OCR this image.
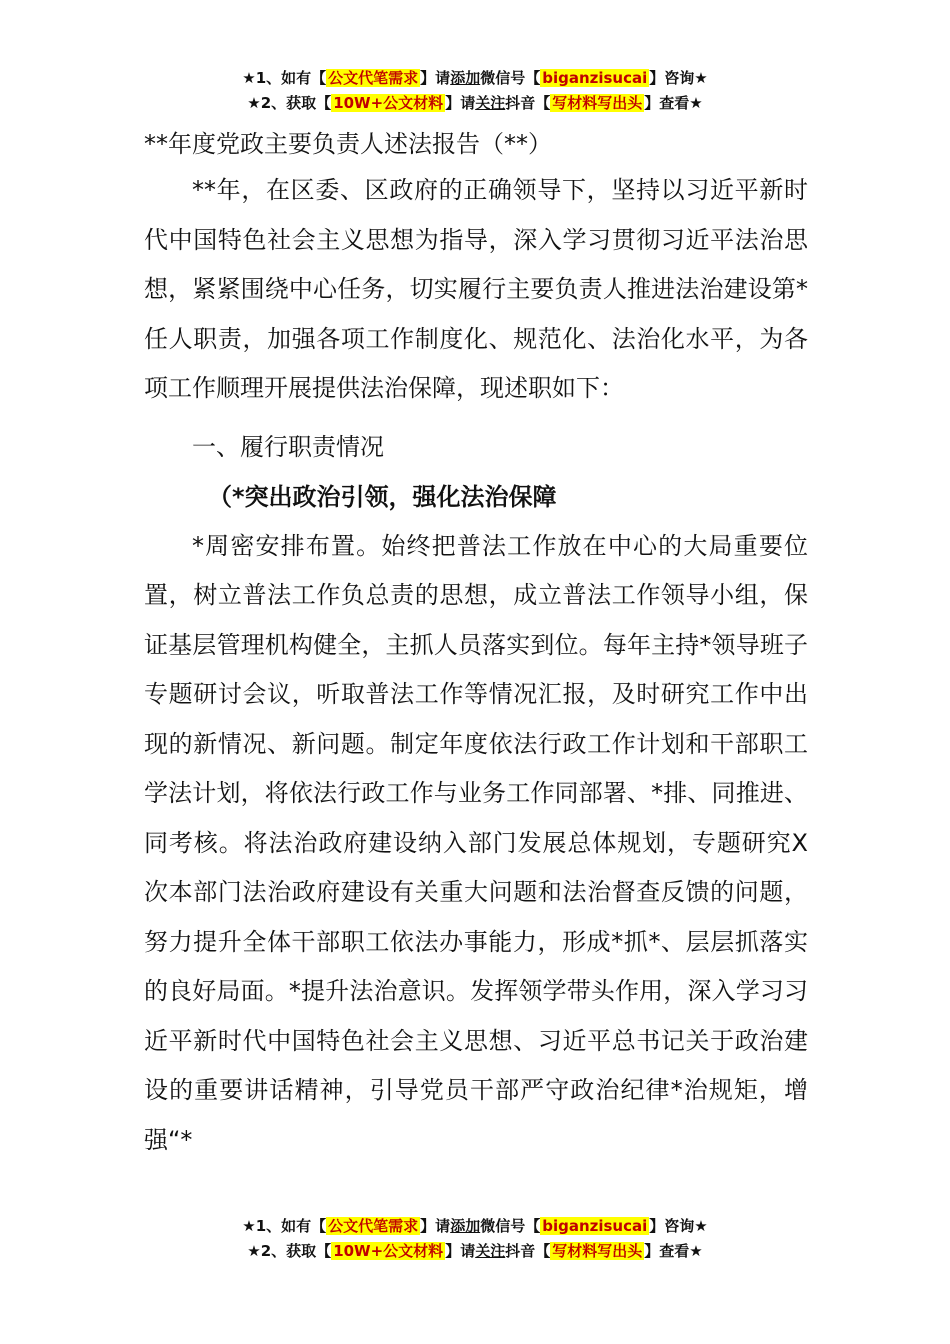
★1、如有【 公文代笔需求 】请添加微信号【 biganzisucai 】咨询★
★2、获取【 10W+公文材料 】请关注抖音【 写材料写出头 】查看★

**年度党政主要负责人述法报告（**）

**年，在区委、区政府的正确领导下，坚持以习近平新时代中国特色社会主义思想为指导，深入学习贯彻习近平法治思想，紧紧围绕中心任务，切实履行主要负责人推进法治建设第*任人职责，加强各项工作制度化、规范化、法治化水平，为各项工作顺理开展提供法治保障，现述职如下：

一、履行职责情况

（*突出政治引领，强化法治保障

*周密安排布置。始终把普法工作放在中心的大局重要位置，树立普法工作负总责的思想，成立普法工作领导小组，保证基层管理机构健全，主抓人员落实到位。每年主持*领导班子专题研讨会议，听取普法工作等情况汇报，及时研究工作中出现的新情况、新问题。制定年度依法行政工作计划和干部职工学法计划，将依法行政工作与业务工作同部署、*排、同推进、同考核。将法治政府建设纳入部门发展总体规划，专题研究Ⅹ次本部门法治政府建设有关重大问题和法治督查反馈的问题，努力提升全体干部职工依法办事能力，形成*抓*、层层抓落实的良好局面。*提升法治意识。发挥领学带头作用，深入学习习近平新时代中国特色社会主义思想、习近平总书记关于政治建设的重要讲话精神，引导党员干部严守政治纪律*治规矩，增强“*

★1、如有【 公文代笔需求 】请添加微信号【 biganzisucai 】咨询★
★2、获取【 10W+公文材料 】请关注抖音【 写材料写出头 】查看★
